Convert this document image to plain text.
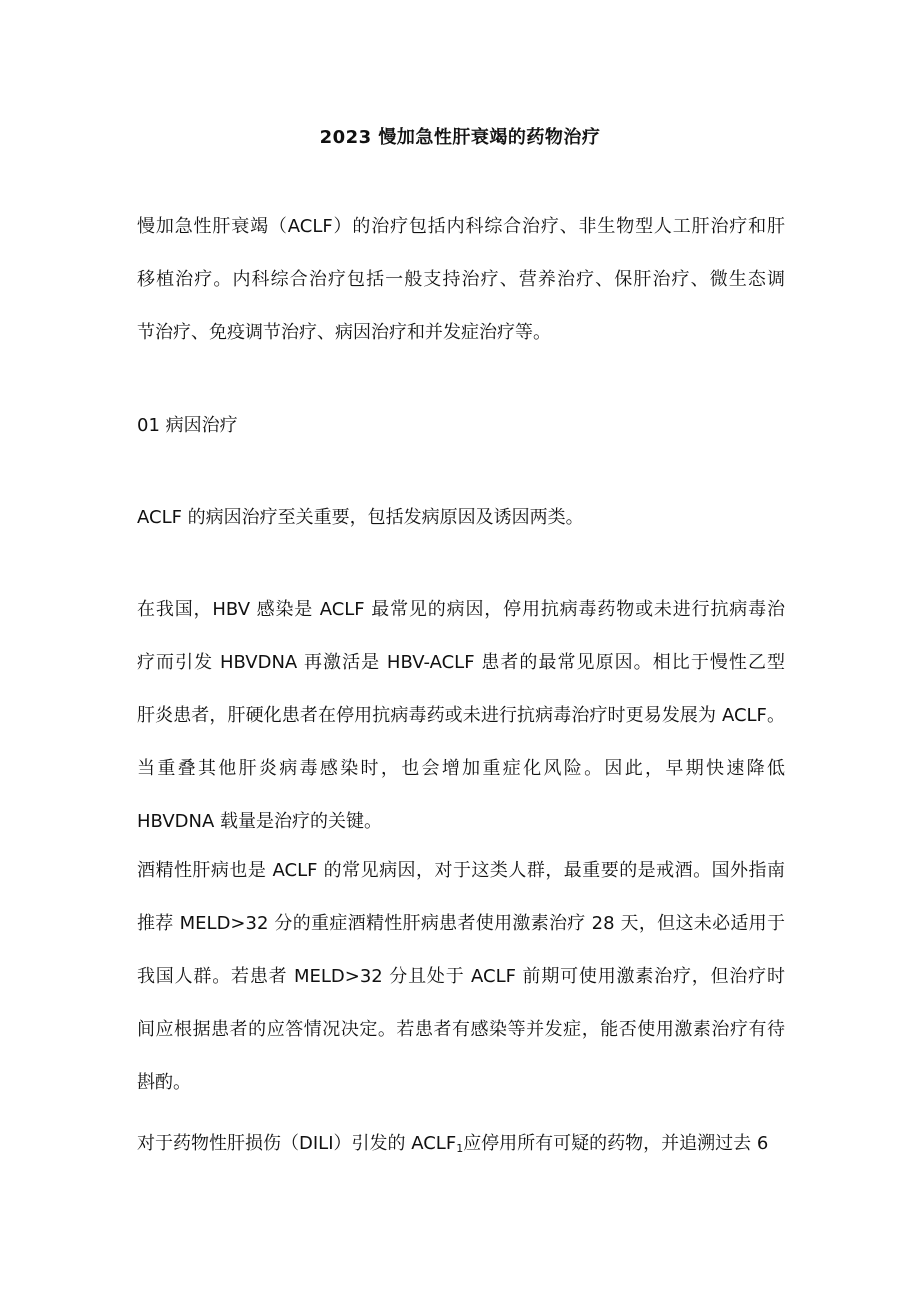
2023 慢加急性肝衰竭的药物治疗
慢加急性肝衰竭（ACLF）的治疗包括内科综合治疗、非生物型人工肝治疗和肝
移植治疗。内科综合治疗包括一般支持治疗、营养治疗、保肝治疗、微生态调
节治疗、免疫调节治疗、病因治疗和并发症治疗等。
01 病因治疗
ACLF 的病因治疗至关重要，包括发病原因及诱因两类。
在我国，HBV 感染是 ACLF 最常见的病因，停用抗病毒药物或未进行抗病毒治
疗而引发 HBVDNA 再激活是 HBV-ACLF 患者的最常见原因。相比于慢性乙型
肝炎患者，肝硬化患者在停用抗病毒药或未进行抗病毒治疗时更易发展为 ACLF。
当重叠其他肝炎病毒感染时，也会增加重症化风险。因此，早期快速降低
HBVDNA 载量是治疗的关键。
酒精性肝病也是 ACLF 的常见病因，对于这类人群，最重要的是戒酒。国外指南
推荐 MELD>32 分的重症酒精性肝病患者使用激素治疗 28 天，但这未必适用于
我国人群。若患者 MELD>32 分且处于 ACLF 前期可使用激素治疗，但治疗时
间应根据患者的应答情况决定。若患者有感染等并发症，能否使用激素治疗有待
斟酌。
对于药物性肝损伤（DILI）引发的 $ACLF_1$应停用所有可疑的药物，并追溯过去 6
